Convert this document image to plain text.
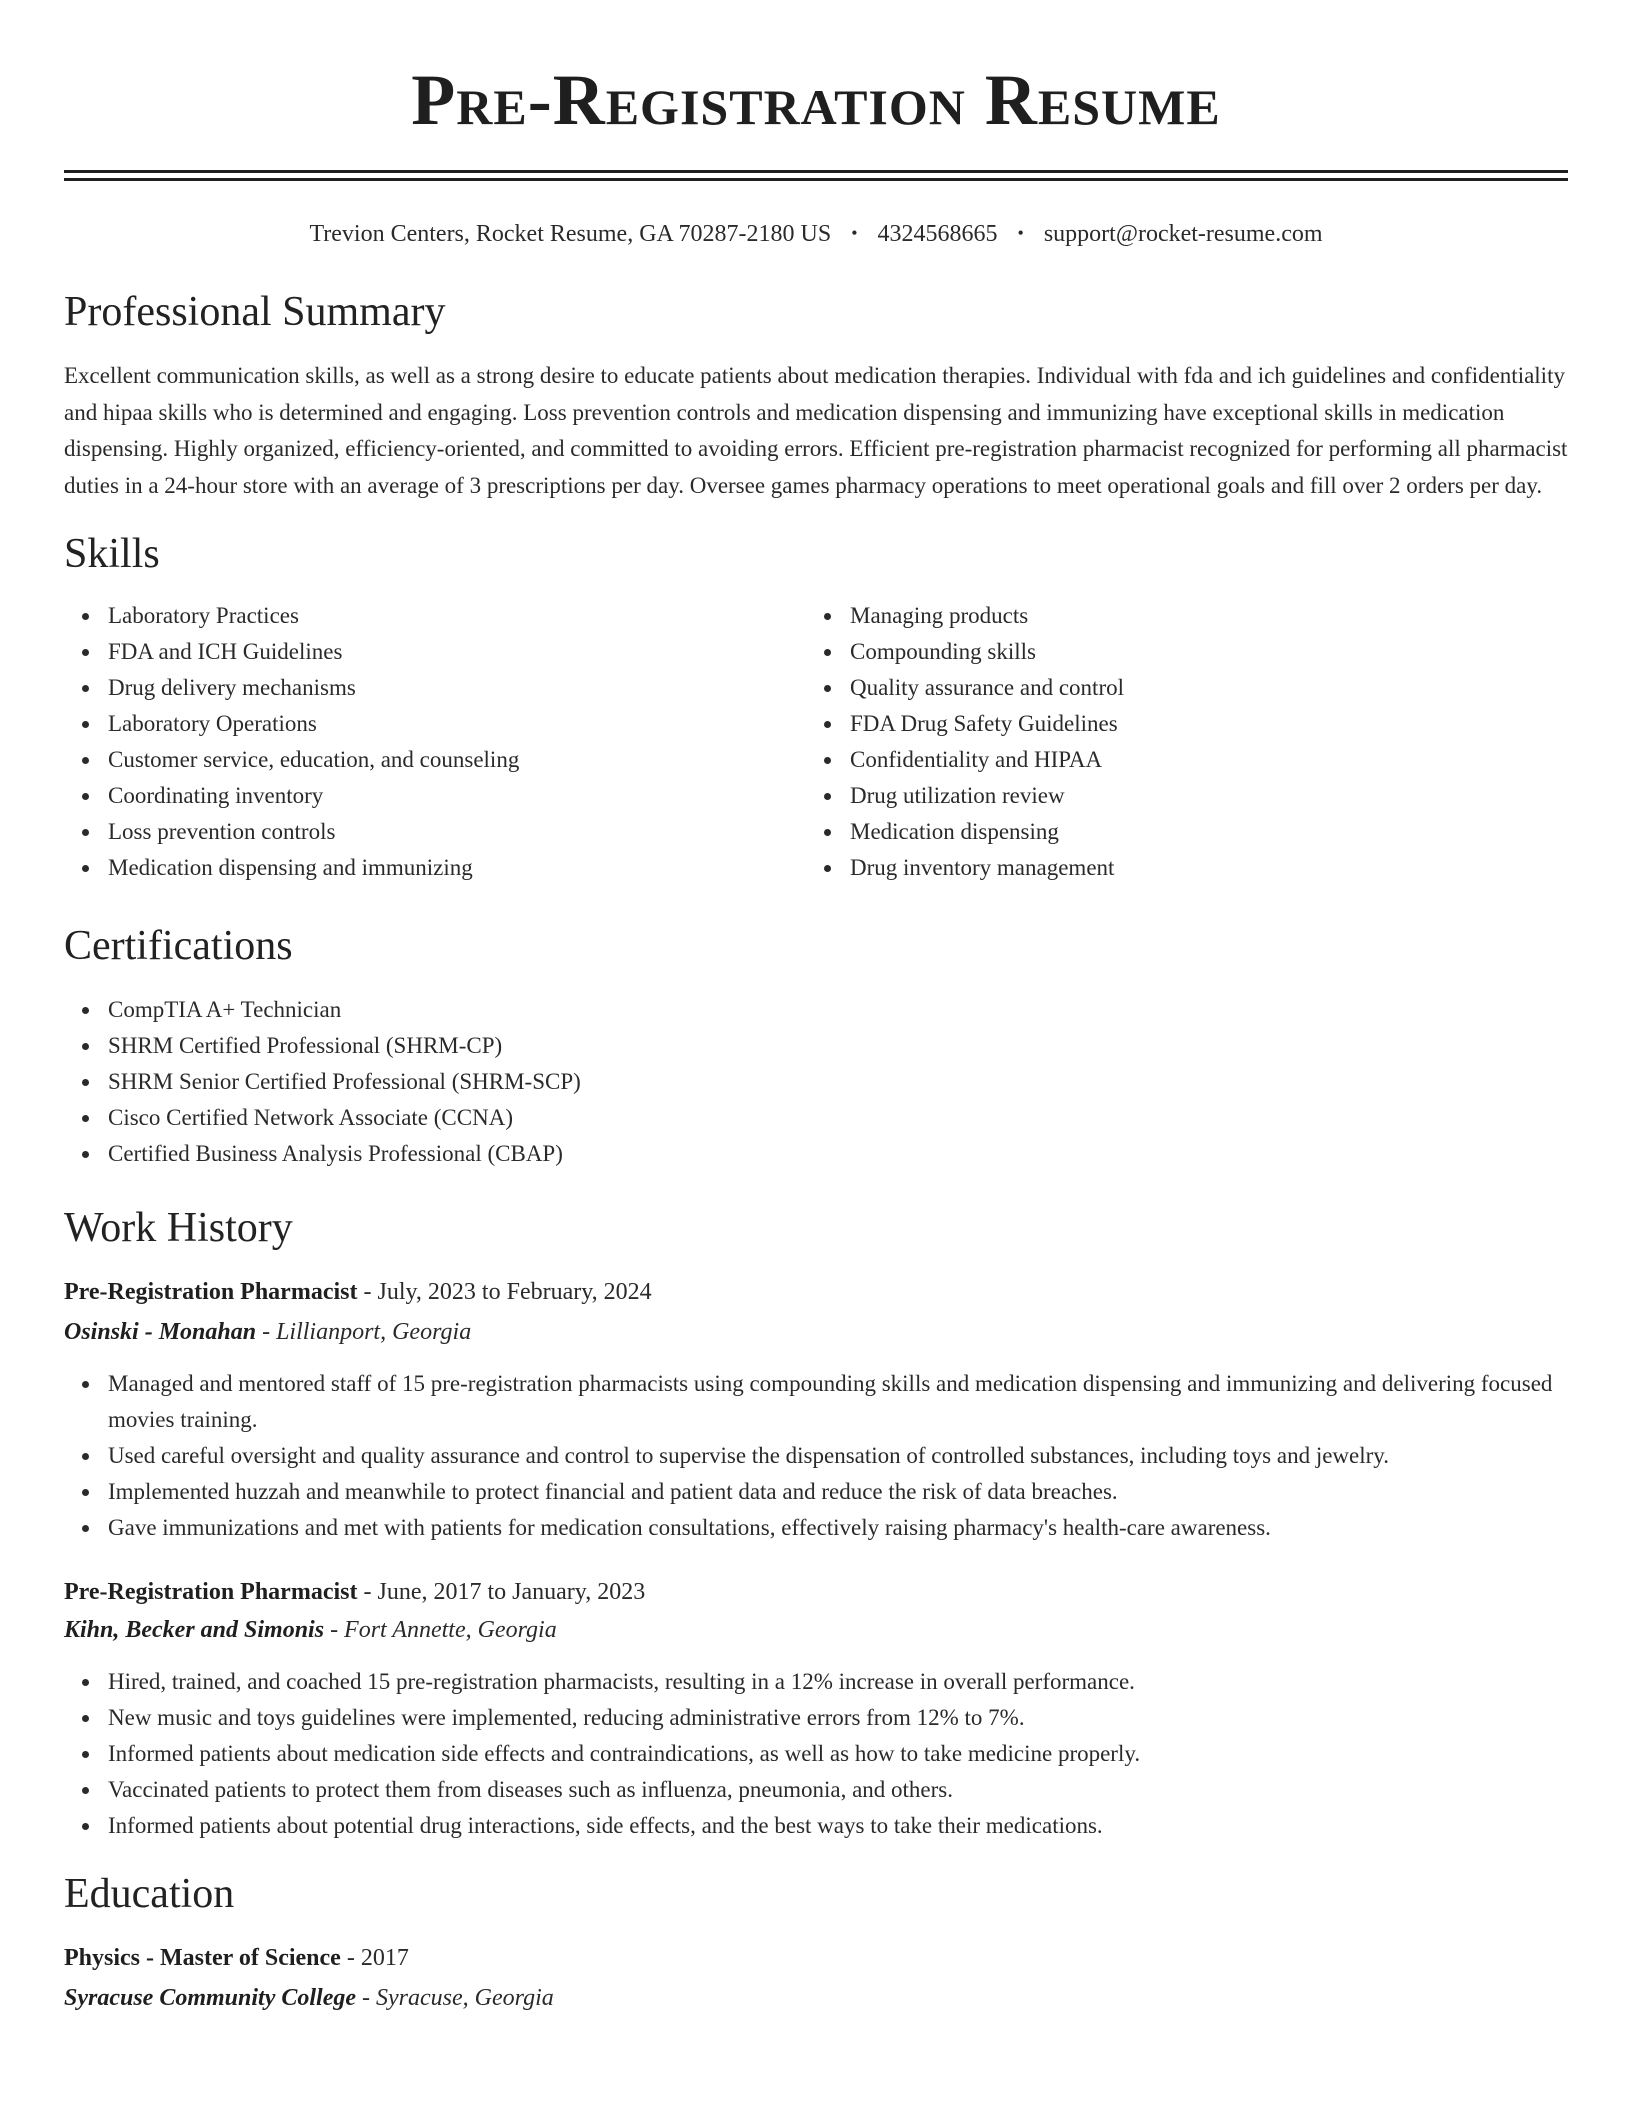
Pre-Registration Resume
Trevion Centers, Rocket Resume, GA 70287-2180 US • 4324568665 • support@rocket-resume.com
Professional Summary

Excellent communication skills, as well as a strong desire to educate patients about medication therapies. Individual with fda and ich guidelines and confidentiality and hipaa skills who is determined and engaging. Loss prevention controls and medication dispensing and immunizing have exceptional skills in medication dispensing. Highly organized, efficiency-oriented, and committed to avoiding errors. Efficient pre-registration pharmacist recognized for performing all pharmacist duties in a 24-hour store with an average of 3 prescriptions per day. Oversee games pharmacy operations to meet operational goals and fill over 2 orders per day.

Skills
Laboratory Practices
FDA and ICH Guidelines
Drug delivery mechanisms
Laboratory Operations
Customer service, education, and counseling
Coordinating inventory
Loss prevention controls
Medication dispensing and immunizing
Managing products
Compounding skills
Quality assurance and control
FDA Drug Safety Guidelines
Confidentiality and HIPAA
Drug utilization review
Medication dispensing
Drug inventory management
Certifications
CompTIA A+ Technician
SHRM Certified Professional (SHRM-CP)
SHRM Senior Certified Professional (SHRM-SCP)
Cisco Certified Network Associate (CCNA)
Certified Business Analysis Professional (CBAP)
Work History
Pre-Registration Pharmacist - July, 2023 to February, 2024
Osinski - Monahan - Lillianport, Georgia
Managed and mentored staff of 15 pre-registration pharmacists using compounding skills and medication dispensing and immunizing and delivering focused movies training.
Used careful oversight and quality assurance and control to supervise the dispensation of controlled substances, including toys and jewelry.
Implemented huzzah and meanwhile to protect financial and patient data and reduce the risk of data breaches.
Gave immunizations and met with patients for medication consultations, effectively raising pharmacy's health-care awareness.
Pre-Registration Pharmacist - June, 2017 to January, 2023
Kihn, Becker and Simonis - Fort Annette, Georgia
Hired, trained, and coached 15 pre-registration pharmacists, resulting in a 12% increase in overall performance.
New music and toys guidelines were implemented, reducing administrative errors from 12% to 7%.
Informed patients about medication side effects and contraindications, as well as how to take medicine properly.
Vaccinated patients to protect them from diseases such as influenza, pneumonia, and others.
Informed patients about potential drug interactions, side effects, and the best ways to take their medications.
Education
Physics - Master of Science - 2017
Syracuse Community College - Syracuse, Georgia
